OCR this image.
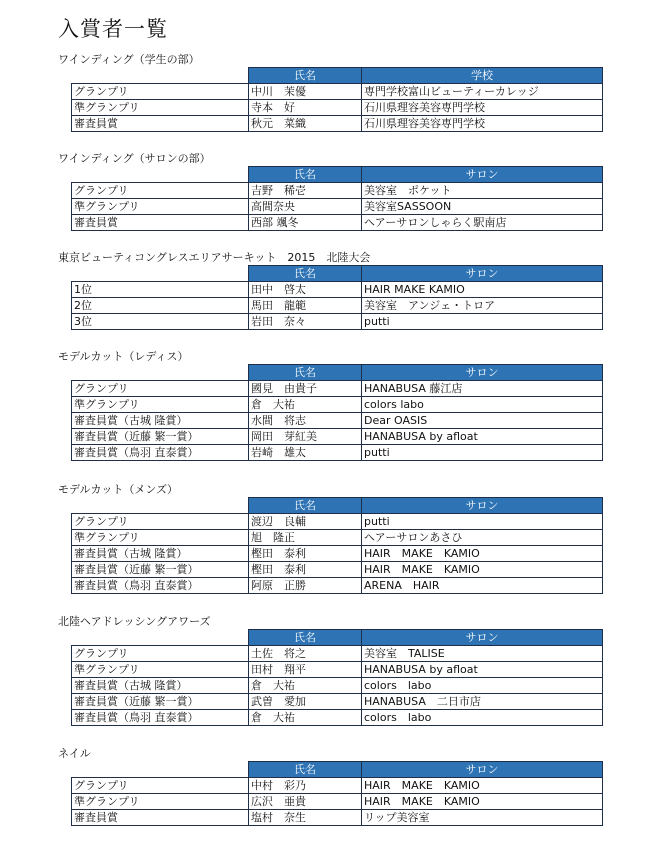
入賞者一覧
ワインディング（学生の部）
	氏名	学校
グランプリ	中川　茉優	専門学校富山ビューティーカレッジ
準グランプリ	寺本　好	石川県理容美容専門学校
審査員賞	秋元　菜織	石川県理容美容専門学校
ワインディング（サロンの部）
	氏名	サロン
グランプリ	吉野　稀壱	美容室　ポケット
準グランプリ	高間奈央	美容室SASSOON
審査員賞	西部 颯冬	ヘアーサロンしゃらく駅南店
東京ビューティコングレスエリアサーキット　2015　北陸大会
	氏名	サロン
1位	田中　啓太	HAIR MAKE KAMIO
2位	馬田　龍範	美容室　アンジェ・トロア
3位	岩田　奈々	putti
モデルカット（レディス）
	氏名	サロン
グランプリ	國見　由貴子	HANABUSA 藤江店
準グランプリ	倉　大祐	colors labo
審査員賞（古城 隆賞）	水間　将志	Dear OASIS
審査員賞（近藤 繁一賞）	岡田　芽紅美	HANABUSA by afloat
審査員賞（鳥羽 直泰賞）	岩崎　雄太	putti
モデルカット（メンズ）
	氏名	サロン
グランプリ	渡辺　良輔	putti
準グランプリ	旭　隆正	ヘアーサロンあさひ
審査員賞（古城 隆賞）	樫田　泰利	HAIR　MAKE　KAMIO
審査員賞（近藤 繁一賞）	樫田　泰利	HAIR　MAKE　KAMIO
審査員賞（鳥羽 直泰賞）	阿原　正勝	ARENA　HAIR
北陸ヘアドレッシングアワーズ
	氏名	サロン
グランプリ	土佐　将之	美容室　TALISE
準グランプリ	田村　翔平	HANABUSA by afloat
審査員賞（古城 隆賞）	倉　大祐	colors　labo
審査員賞（近藤 繁一賞）	武曽　愛加	HANABUSA　二日市店
審査員賞（鳥羽 直泰賞）	倉　大祐	colors　labo
ネイル
	氏名	サロン
グランプリ	中村　彩乃	HAIR　MAKE　KAMIO
準グランプリ	広沢　亜貴	HAIR　MAKE　KAMIO
審査員賞	塩村　奈生	リップ美容室
